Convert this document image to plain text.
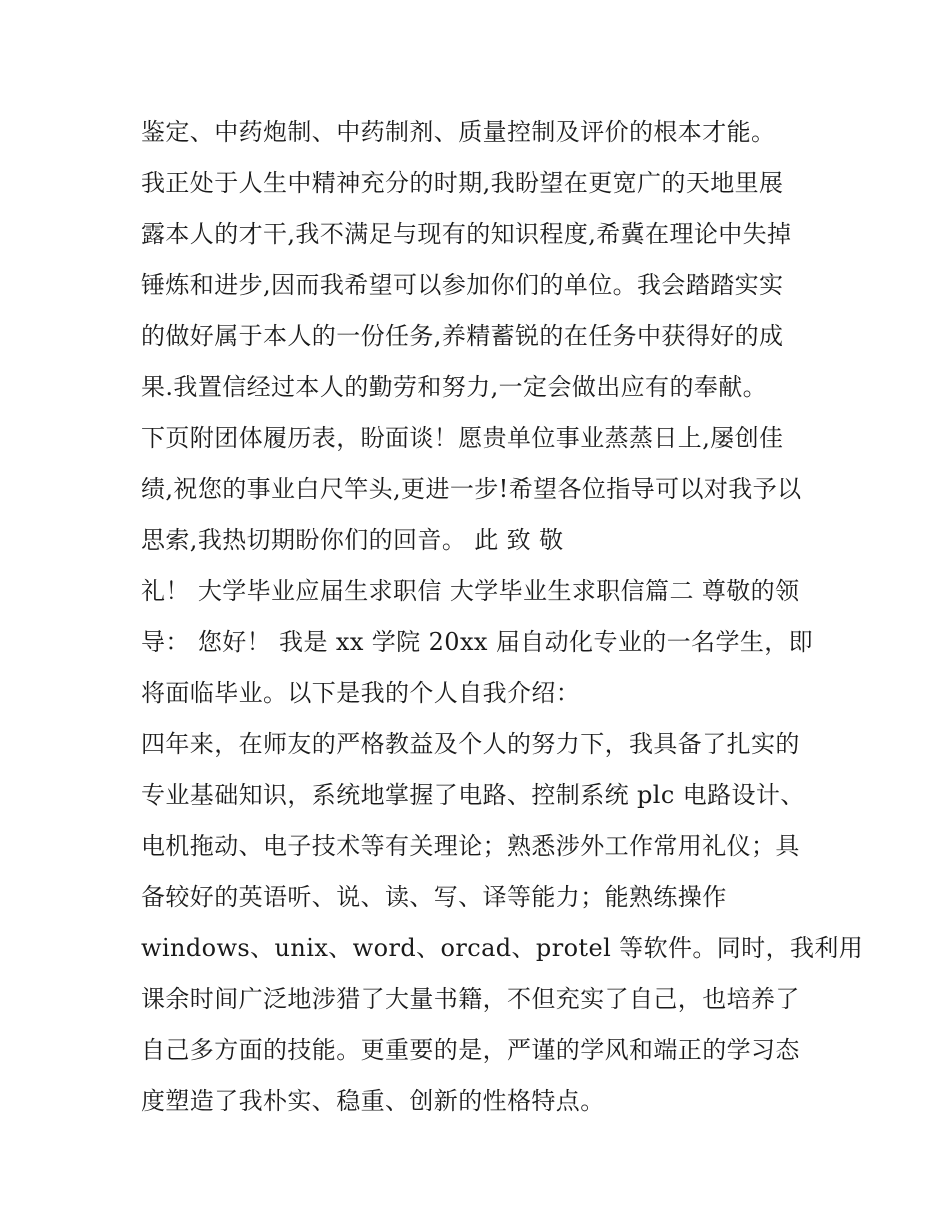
鉴定、中药炮制、中药制剂、质量控制及评价的根本才能。
我正处于人生中精神充分的时期,我盼望在更宽广的天地里展
露本人的才干,我不满足与现有的知识程度,希冀在理论中失掉
锤炼和进步,因而我希望可以参加你们的单位。我会踏踏实实
的做好属于本人的一份任务,养精蓄锐的在任务中获得好的成
果.我置信经过本人的勤劳和努力,一定会做出应有的奉献。
下页附团体履历表，盼面谈！愿贵单位事业蒸蒸日上,屡创佳
绩,祝您的事业白尺竿头,更进一步!希望各位指导可以对我予以
思索,我热切期盼你们的回音。 此 致 敬
礼！ 大学毕业应届生求职信 大学毕业生求职信篇二 尊敬的领
导： 您好！ 我是 xx 学院 20xx 届自动化专业的一名学生，即
将面临毕业。以下是我的个人自我介绍：
四年来，在师友的严格教益及个人的努力下，我具备了扎实的
专业基础知识，系统地掌握了电路、控制系统 plc 电路设计、
电机拖动、电子技术等有关理论；熟悉涉外工作常用礼仪；具
备较好的英语听、说、读、写、译等能力；能熟练操作
windows、unix、word、orcad、protel 等软件。同时，我利用
课余时间广泛地涉猎了大量书籍，不但充实了自己，也培养了
自己多方面的技能。更重要的是，严谨的学风和端正的学习态
度塑造了我朴实、稳重、创新的性格特点。
